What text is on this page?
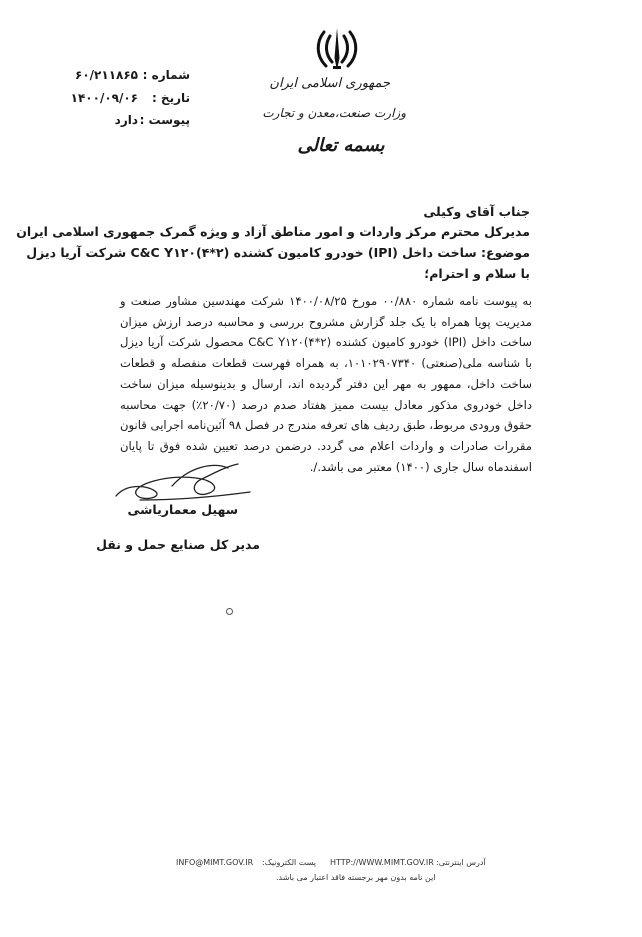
شماره :
۶۰/۲۱۱۸۶۵
تاریخ :
۱۴۰۰/۰۹/۰۶
پیوست :
دارد
جمهوری اسلامی ایران
وزارت صنعت،معدن و تجارت
بسمه تعالی
جناب آقای وکیلی
مدیرکل محترم مرکز واردات و امور مناطق آزاد و ویژه گمرک جمهوری اسلامی ایران
موضوع: ساخت داخل (IPI) خودرو کامیون کشنده (۲*۴)C&C Y۱۲۰ شرکت آریا دیزل
با سلام و احترام؛
به پیوست نامه شماره ۰۰/۸۸۰ مورخ ۱۴۰۰/۰۸/۲۵ شرکت مهندسین مشاور صنعت و مدیریت پویا همراه با یک جلد گزارش مشروح بررسی و محاسبه درصد ارزش میزان ساخت داخل (IPI) خودرو کامیون کشنده (۲*۴)C&C Y۱۲۰ محصول شرکت آریا دیزل با شناسه ملی(صنعتی) ۱۰۱۰۲۹۰۷۳۴۰، به همراه فهرست قطعات منفصله و قطعات ساخت داخل، ممهور به مهر این دفتر گردیده اند، ارسال و بدینوسیله میزان ساخت داخل خودروی مذکور معادل بیست ممیز هفتاد صدم درصد (۲۰/۷۰٪) جهت محاسبه حقوق ورودی مربوط، طبق ردیف های تعرفه مندرج در فصل ۹۸ آئین‌نامه اجرایی قانون مقررات صادرات و واردات اعلام می گردد. درضمن درصد تعیین شده فوق تا پایان اسفندماه سال جاری (۱۴۰۰) معتبر می باشد./.
سهیل معماریاشی
مدیر کل صنایع حمل و نقل
INFO@MIMT.GOV.IR پست الکترونیک: HTTP://WWW.MIMT.GOV.IR آدرس اینترنتی:
این نامه بدون مهر برجسته فاقد اعتبار می باشد.
